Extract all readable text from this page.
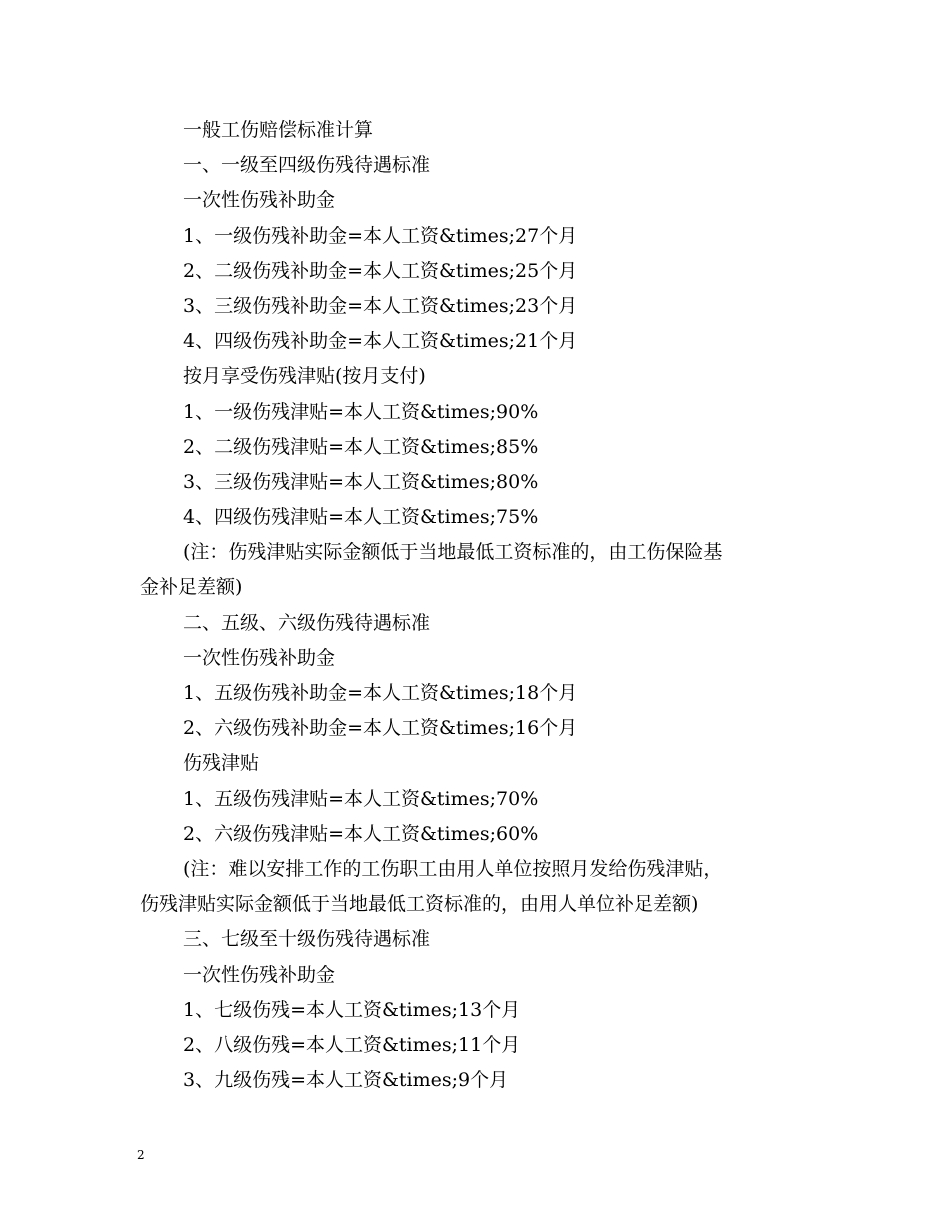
一般工伤赔偿标准计算
一、一级至四级伤残待遇标准
一次性伤残补助金
1、一级伤残补助金=本人工资&times;27个月
2、二级伤残补助金=本人工资&times;25个月
3、三级伤残补助金=本人工资&times;23个月
4、四级伤残补助金=本人工资&times;21个月
按月享受伤残津贴(按月支付)
1、一级伤残津贴=本人工资&times;90%
2、二级伤残津贴=本人工资&times;85%
3、三级伤残津贴=本人工资&times;80%
4、四级伤残津贴=本人工资&times;75%
(注：伤残津贴实际金额低于当地最低工资标准的，由工伤保险基
金补足差额)
二、五级、六级伤残待遇标准
一次性伤残补助金
1、五级伤残补助金=本人工资&times;18个月
2、六级伤残补助金=本人工资&times;16个月
伤残津贴
1、五级伤残津贴=本人工资&times;70%
2、六级伤残津贴=本人工资&times;60%
(注：难以安排工作的工伤职工由用人单位按照月发给伤残津贴，
伤残津贴实际金额低于当地最低工资标准的，由用人单位补足差额)
三、七级至十级伤残待遇标准
一次性伤残补助金
1、七级伤残=本人工资&times;13个月
2、八级伤残=本人工资&times;11个月
3、九级伤残=本人工资&times;9个月
2
